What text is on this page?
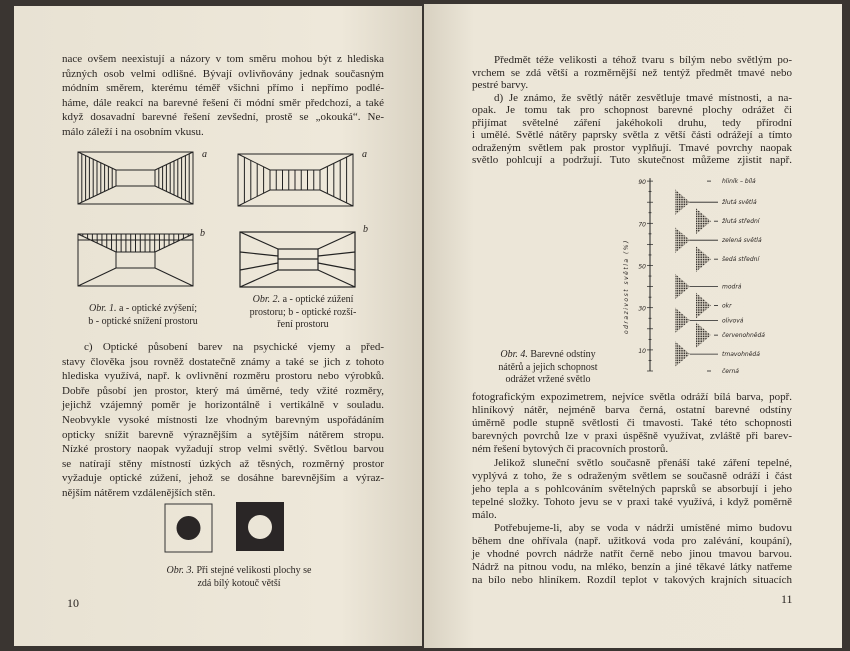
nace ovšem neexistují a názory v tom směru mohou být z hlediska
různých osob velmi odlišné. Bývají ovlivňovány jednak současným
módním směrem, kterému téměř všichni přímo i nepřímo podlé-
háme, dále reakcí na barevné řešení či módní směr předchozí, a také
když dosavadní barevné řešení zevšední, prostě se „okouká“. Ne-
málo záleží i na osobním vkusu.
a
b
Obr. 1. a - optické zvýšení;
b - optické snížení prostoru
a
b
Obr. 2. a - optické zúžení
prostoru; b - optické rozší-
ření prostoru
c) Optické působení barev na psychické vjemy a před-
stavy člověka jsou rovněž dostatečně známy a také se jich z tohoto
hlediska využívá, např. k ovlivnění rozměru prostoru nebo výrobků.
Dobře působí jen prostor, který má úměrné, tedy vžité rozměry,
jejichž vzájemný poměr je horizontálně i vertikálně v souladu.
Neobvykle vysoké místnosti lze vhodným barevným uspořádáním
opticky snížit barevně výraznějším a sytějším nátěrem stropu.
Nízké prostory naopak vyžadují strop velmi světlý. Světlou barvou
se natírají stěny místností úzkých až těsných, rozměrný prostor
vyžaduje optické zúžení, jehož se dosáhne barevnějším a výraz-
nějším nátěrem vzdálenějších stěn.
Obr. 3. Při stejné velikosti plochy se
zdá bílý kotouč větší
10
Předmět téže velikosti a téhož tvaru s bílým nebo světlým po-
vrchem se zdá větší a rozměrnější než tentýž předmět tmavé nebo
pestré barvy.
d) Je známo, že světlý nátěr zesvětluje tmavé místnosti, a na-
opak. Je tomu tak pro schopnost barevné plochy odrážet či
přijímat světelné záření jakéhokoli druhu, tedy přírodní
i umělé. Světlé nátěry paprsky světla z větší části odrážejí a tímto
odraženým světlem pak prostor vyplňují. Tmavé povrchy naopak
světlo pohlcují a podržují. Tuto skutečnost můžeme zjistit např.
10
30
50
70
90
odrazivost světla (%)
hliník – bílá
žlutá světlá
žlutá střední
zelená světlá
šedá střední
modrá
okr
olivová
červenohnědá
tmavohnědá
černá
Obr. 4. Barevné odstíny
nátěrů a jejich schopnost
odrážet vržené světlo
fotografickým expozimetrem, nejvíce světla odráží bílá barva, popř.
hliníkový nátěr, nejméně barva černá, ostatní barevné odstíny
úměrně podle stupně světlosti či tmavosti. Také této schopnosti
barevných povrchů lze v praxi úspěšně využívat, zvláště při barev-
ném řešení bytových či pracovních prostorů.
Jelikož sluneční světlo současně přenáší také záření tepelné,
vyplývá z toho, že s odraženým světlem se současně odráží i část
jeho tepla a s pohlcováním světelných paprsků se absorbují i jeho
tepelné složky. Tohoto jevu se v praxi také využívá, i když poměrně
málo.
Potřebujeme-li, aby se voda v nádrži umístěné mimo budovu
během dne ohřívala (např. užitková voda pro zalévání, koupání),
je vhodné povrch nádrže natřít černě nebo jinou tmavou barvou.
Nádrž na pitnou vodu, na mléko, benzín a jiné těkavé látky natřeme
na bílo nebo hliníkem. Rozdíl teplot v takových krajních situacích
11
